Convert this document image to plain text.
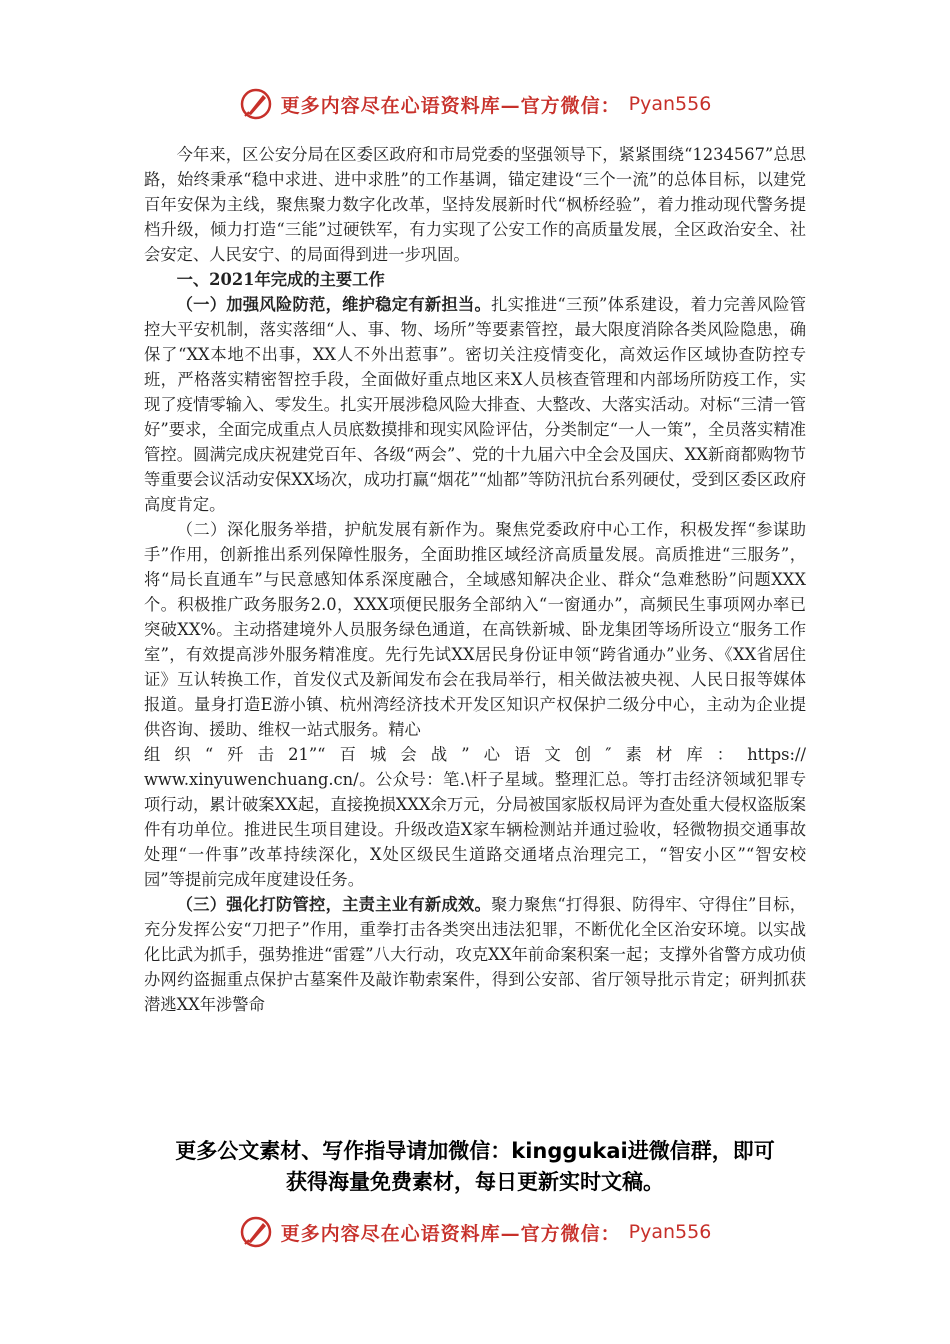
更多内容尽在心语资料库—官方微信： Pyan556

今年来，区公安分局在区委区政府和市局党委的坚强领导下，紧紧围绕“1234567”总思路，始终秉承“稳中求进、进中求胜”的工作基调，锚定建设“三个一流”的总体目标，以建党百年安保为主线，聚焦聚力数字化改革，坚持发展新时代“枫桥经验”，着力推动现代警务提档升级，倾力打造“三能”过硬铁军，有力实现了公安工作的高质量发展，全区政治安全、社会安定、人民安宁、的局面得到进一步巩固。

一、2021年完成的主要工作

（一）加强风险防范，维护稳定有新担当。扎实推进“三预”体系建设，着力完善风险管控大平安机制，落实落细“人、事、物、场所”等要素管控，最大限度消除各类风险隐患，确保了“XX本地不出事，XX人不外出惹事”。密切关注疫情变化，高效运作区域协查防控专班，严格落实精密智控手段，全面做好重点地区来X人员核查管理和内部场所防疫工作，实现了疫情零输入、零发生。扎实开展涉稳风险大排查、大整改、大落实活动。对标“三清一管好”要求，全面完成重点人员底数摸排和现实风险评估，分类制定“一人一策”，全员落实精准管控。圆满完成庆祝建党百年、各级“两会”、党的十九届六中全会及国庆、XX新商都购物节等重要会议活动安保XX场次，成功打赢“烟花”“灿都”等防汛抗台系列硬仗，受到区委区政府高度肯定。

（二）深化服务举措，护航发展有新作为。聚焦党委政府中心工作，积极发挥“参谋助手”作用，创新推出系列保障性服务，全面助推区域经济高质量发展。高质推进“三服务”，将“局长直通车”与民意感知体系深度融合，全域感知解决企业、群众“急难愁盼”问题XXX个。积极推广政务服务2.0，XXX项便民服务全部纳入“一窗通办”，高频民生事项网办率已突破XX%。主动搭建境外人员服务绿色通道，在高铁新城、卧龙集团等场所设立“服务工作室”，有效提高涉外服务精准度。先行先试XX居民身份证申领“跨省通办”业务、《XX省居住证》互认转换工作，首发仪式及新闻发布会在我局举行，相关做法被央视、人民日报等媒体报道。量身打造E游小镇、杭州湾经济技术开发区知识产权保护二级分中心，主动为企业提供咨询、援助、维权一站式服务。精心

组织“歼击21”“百城会战”心语文创″素材库：https://
www.xinyuwenchuang.cn/。公众号：笔.\杆子星域。整理汇总。等打击经济领域犯罪专项行动，累计破案XX起，直接挽损XXX余万元，分局被国家版权局评为查处重大侵权盗版案件有功单位。推进民生项目建设。升级改造X家车辆检测站并通过验收，轻微物损交通事故处理“一件事”改革持续深化，X处区级民生道路交通堵点治理完工，“智安小区”“智安校园”等提前完成年度建设任务。

（三）强化打防管控，主责主业有新成效。聚力聚焦“打得狠、防得牢、守得住”目标，充分发挥公安“刀把子”作用，重拳打击各类突出违法犯罪，不断优化全区治安环境。以实战化比武为抓手，强势推进“雷霆”八大行动，攻克XX年前命案积案一起；支撑外省警方成功侦办网约盗掘重点保护古墓案件及敲诈勒索案件，得到公安部、省厅领导批示肯定；研判抓获潜逃XX年涉警命

更多公文素材、写作指导请加微信：kinggukai进微信群，即可
获得海量免费素材，每日更新实时文稿。
更多内容尽在心语资料库—官方微信： Pyan556
